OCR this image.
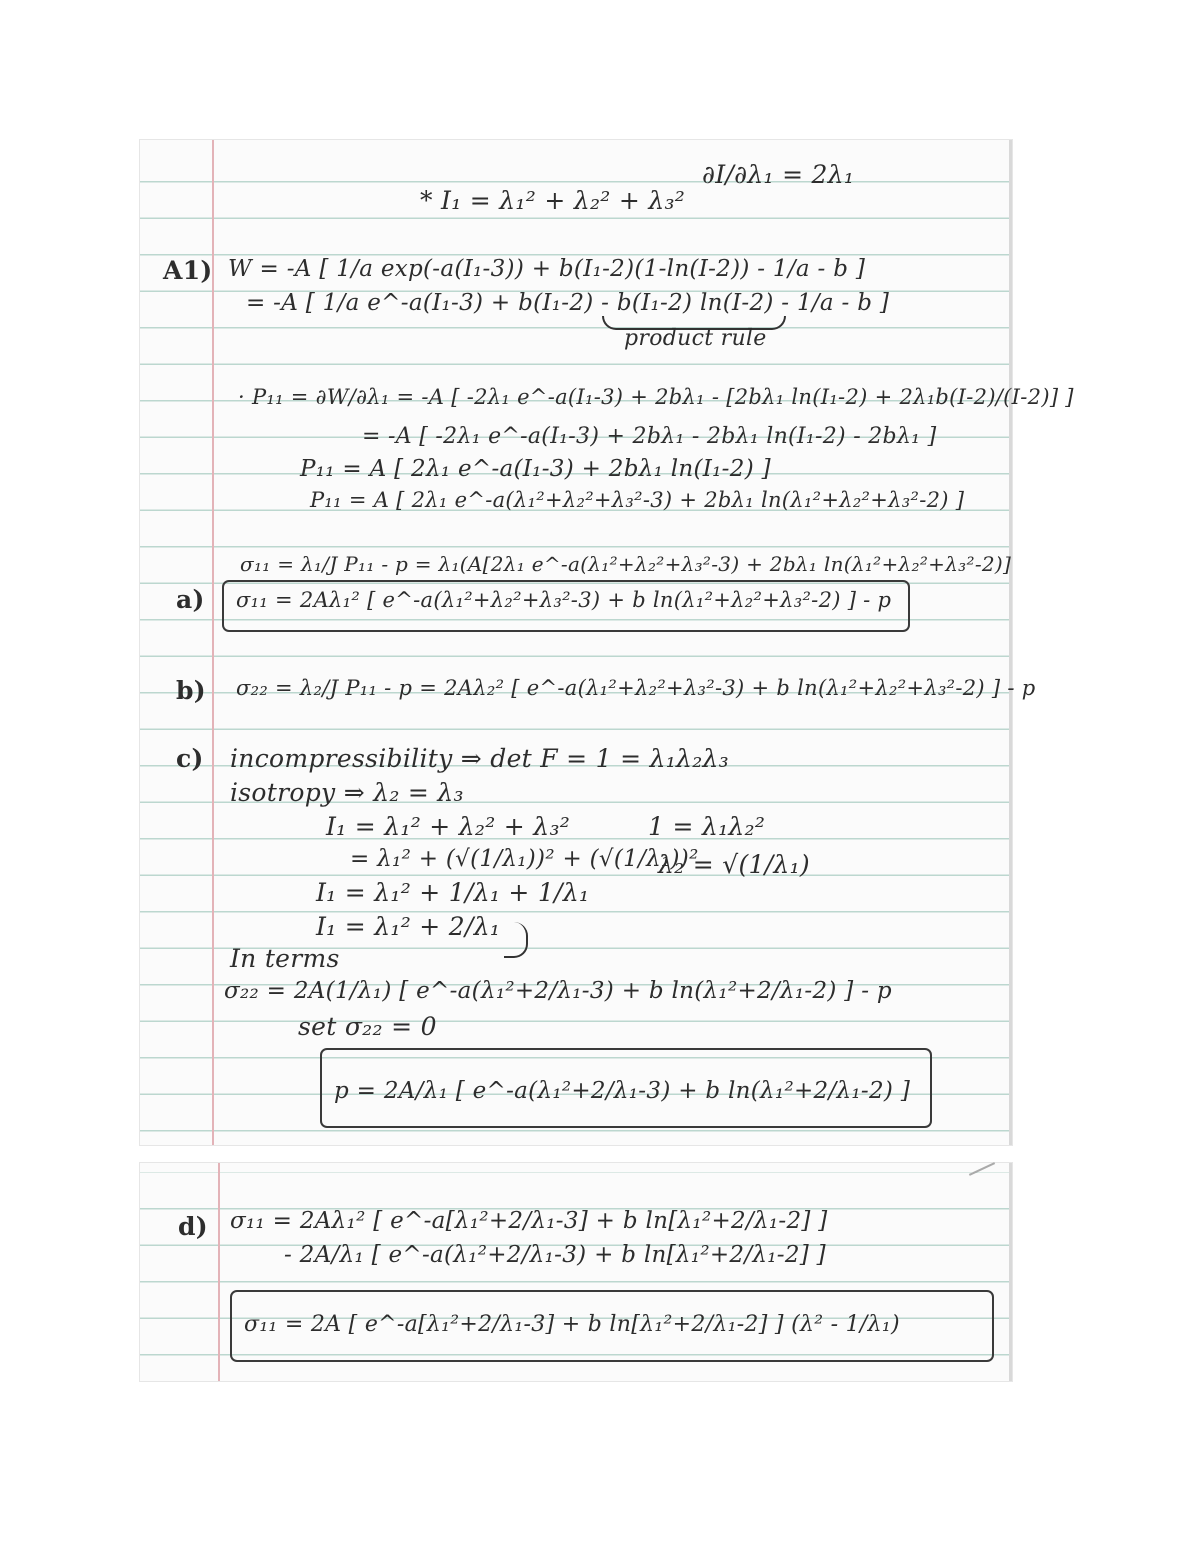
* I₁ = λ₁² + λ₂² + λ₃²
∂I/∂λ₁ = 2λ₁
A1) W = -A [ 1/a exp(-a(I₁-3)) + b(I₁-2)(1-ln(I-2)) - 1/a - b ]
= -A [ 1/a e^-a(I₁-3) + b(I₁-2) - b(I₁-2) ln(I-2) - 1/a - b ]
product rule
· P₁₁ = ∂W/∂λ₁ = -A [ -2λ₁ e^-a(I₁-3) + 2bλ₁ - [2bλ₁ ln(I₁-2) + 2λ₁b(I-2)/(I-2)] ]
= -A [ -2λ₁ e^-a(I₁-3) + 2bλ₁ - 2bλ₁ ln(I₁-2) - 2bλ₁ ]
P₁₁ = A [ 2λ₁ e^-a(I₁-3) + 2bλ₁ ln(I₁-2) ]
P₁₁ = A [ 2λ₁ e^-a(λ₁²+λ₂²+λ₃²-3) + 2bλ₁ ln(λ₁²+λ₂²+λ₃²-2) ]
σ₁₁ = λ₁/J P₁₁ - p = λ₁(A[2λ₁ e^-a(λ₁²+λ₂²+λ₃²-3) + 2bλ₁ ln(λ₁²+λ₂²+λ₃²-2)]
a) σ₁₁ = 2Aλ₁² [ e^-a(λ₁²+λ₂²+λ₃²-3) + b ln(λ₁²+λ₂²+λ₃²-2) ] - p
b) σ₂₂ = λ₂/J P₁₁ - p = 2Aλ₂² [ e^-a(λ₁²+λ₂²+λ₃²-3) + b ln(λ₁²+λ₂²+λ₃²-2) ] - p
c) incompressibility ⇒ det F = 1 = λ₁λ₂λ₃
isotropy ⇒ λ₂ = λ₃
I₁ = λ₁² + λ₂² + λ₃²	1 = λ₁λ₂²
= λ₁² + (√(1/λ₁))² + (√(1/λ₁))²
λ₂ = √(1/λ₁)
I₁ = λ₁² + 1/λ₁ + 1/λ₁
I₁ = λ₁² + 2/λ₁
In terms
σ₂₂ = 2A(1/λ₁) [ e^-a(λ₁²+2/λ₁-3) + b ln(λ₁²+2/λ₁-2) ] - p
set σ₂₂ = 0
p = 2A/λ₁ [ e^-a(λ₁²+2/λ₁-3) + b ln(λ₁²+2/λ₁-2) ]
d) σ₁₁ = 2Aλ₁² [ e^-a[λ₁²+2/λ₁-3] + b ln[λ₁²+2/λ₁-2] ]
- 2A/λ₁ [ e^-a(λ₁²+2/λ₁-3) + b ln[λ₁²+2/λ₁-2] ]
σ₁₁ = 2A [ e^-a[λ₁²+2/λ₁-3] + b ln[λ₁²+2/λ₁-2] ] (λ² - 1/λ₁)
